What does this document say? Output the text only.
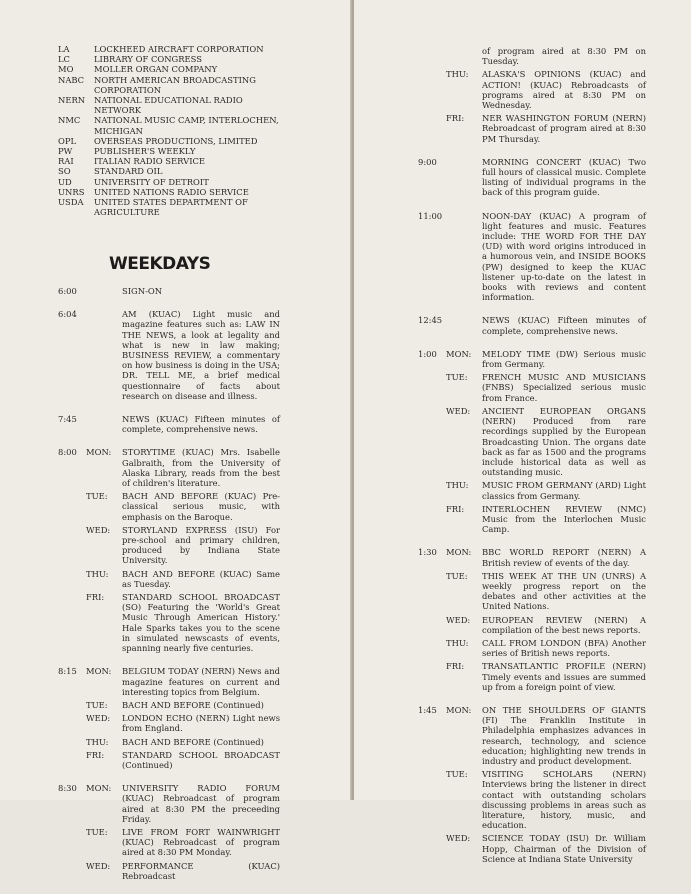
LA	LOCKHEED AIRCRAFT CORPORATION
LC	LIBRARY OF CONGRESS
MO	MOLLER ORGAN COMPANY
NABC	NORTH AMERICAN BROADCASTING CORPORATION
NERN	NATIONAL EDUCATIONAL RADIO NETWORK
NMC	NATIONAL MUSIC CAMP, INTERLOCHEN, MICHIGAN
OPL	OVERSEAS PRODUCTIONS, LIMITED
PW	PUBLISHER'S WEEKLY
RAI	ITALIAN RADIO SERVICE
SO	STANDARD OIL
UD	UNIVERSITY OF DETROIT
UNRS	UNITED NATIONS RADIO SERVICE
USDA	UNITED STATES DEPARTMENT OF AGRICULTURE
WEEKDAYS
6:00	SIGN-ON
6:04	AM (KUAC) Light music and magazine features such as: LAW IN THE NEWS, a look at legality and what is new in law making; BUSINESS REVIEW, a commentary on how business is doing in the USA; DR. TELL ME, a brief medical questionnaire of facts about research on disease and illness.
7:45	NEWS (KUAC) Fifteen minutes of complete, comprehensive news.
8:00	MON:	STORYTIME (KUAC) Mrs. Isabelle Galbraith, from the University of Alaska Library, reads from the best of children's literature.
TUE:	BACH AND BEFORE (KUAC) Pre-classical serious music, with emphasis on the Baroque.
WED:	STORYLAND EXPRESS (ISU) For pre-school and primary children, produced by Indiana State University.
THU:	BACH AND BEFORE (KUAC) Same as Tuesday.
FRI:	STANDARD SCHOOL BROADCAST (SO) Featuring the 'World's Great Music Through American History.' Hale Sparks takes you to the scene in simulated newscasts of events, spanning nearly five centuries.
8:15	MON:	BELGIUM TODAY (NERN) News and magazine features on current and interesting topics from Belgium.
TUE:	BACH AND BEFORE (Continued)
WED:	LONDON ECHO (NERN) Light news from England.
THU:	BACH AND BEFORE (Continued)
FRI:	STANDARD SCHOOL BROADCAST (Continued)
8:30	MON:	UNIVERSITY RADIO FORUM (KUAC) Rebroadcast of program aired at 8:30 PM the preceeding Friday.
TUE:	LIVE FROM FORT WAINWRIGHT (KUAC) Rebroadcast of program aired at 8:30 PM Monday.
WED:	PERFORMANCE (KUAC) Rebroadcast
of program aired at 8:30 PM on Tuesday.
THU:	ALASKA'S OPINIONS (KUAC) and ACTION! (KUAC) Rebroadcasts of programs aired at 8:30 PM on Wednesday.
FRI:	NER WASHINGTON FORUM (NERN) Rebroadcast of program aired at 8:30 PM Thursday.
9:00	MORNING CONCERT (KUAC) Two full hours of classical music. Complete listing of individual programs in the back of this program guide.
11:00	NOON-DAY (KUAC) A program of light features and music. Features include: THE WORD FOR THE DAY (UD) with word origins introduced in a humorous vein, and INSIDE BOOKS (PW) designed to keep the KUAC listener up-to-date on the latest in books with reviews and content information.
12:45	NEWS (KUAC) Fifteen minutes of complete, comprehensive news.
1:00	MON:	MELODY TIME (DW) Serious music from Germany.
TUE:	FRENCH MUSIC AND MUSICIANS (FNBS) Specialized serious music from France.
WED:	ANCIENT EUROPEAN ORGANS (NERN) Produced from rare recordings supplied by the European Broadcasting Union. The organs date back as far as 1500 and the programs include historical data as well as outstanding music.
THU:	MUSIC FROM GERMANY (ARD) Light classics from Germany.
FRI:	INTERLOCHEN REVIEW (NMC) Music from the Interlochen Music Camp.
1:30	MON:	BBC WORLD REPORT (NERN) A British review of events of the day.
TUE:	THIS WEEK AT THE UN (UNRS) A weekly progress report on the debates and other activities at the United Nations.
WED:	EUROPEAN REVIEW (NERN) A compilation of the best news reports.
THU:	CALL FROM LONDON (BFA) Another series of British news reports.
FRI:	TRANSATLANTIC PROFILE (NERN) Timely events and issues are summed up from a foreign point of view.
1:45	MON:	ON THE SHOULDERS OF GIANTS (FI) The Franklin Institute in Philadelphia emphasizes advances in research, technology, and science education; highlighting new trends in industry and product development.
TUE:	VISITING SCHOLARS (NERN) Interviews bring the listener in direct contact with outstanding scholars discussing problems in areas such as literature, history, music, and education.
WED:	SCIENCE TODAY (ISU) Dr. William Hopp, Chairman of the Division of Science at Indiana State University
